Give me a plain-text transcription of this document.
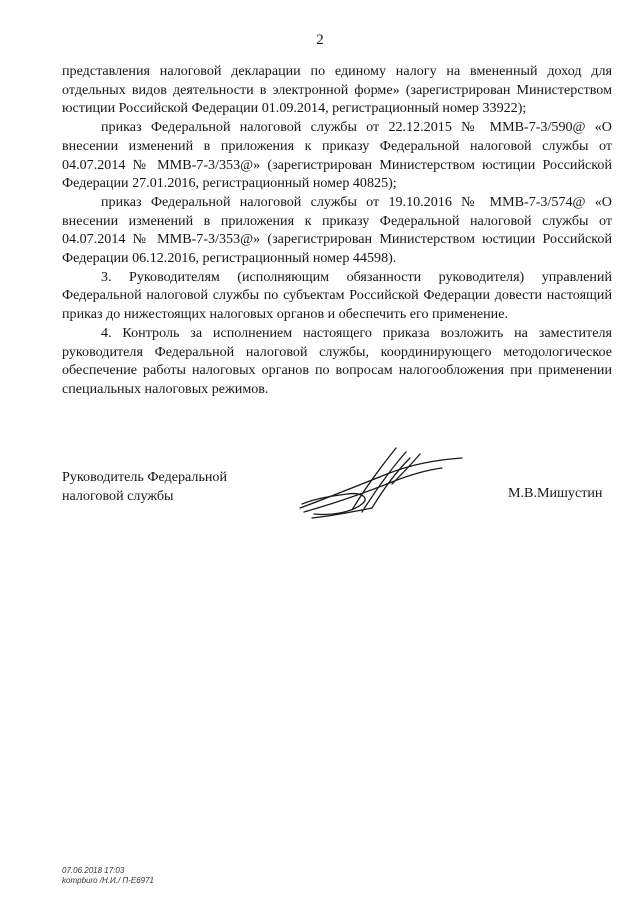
2

представления налоговой декларации по единому налогу на вмененный доход для отдельных видов деятельности в электронной форме» (зарегистрирован Министерством юстиции Российской Федерации 01.09.2014, регистрационный номер 33922);

приказ Федеральной налоговой службы от 22.12.2015 № ММВ-7-3/590@ «О внесении изменений в приложения к приказу Федеральной налоговой службы от 04.07.2014 № ММВ-7-3/353@» (зарегистрирован Министерством юстиции Российской Федерации 27.01.2016, регистрационный номер 40825);

приказ Федеральной налоговой службы от 19.10.2016 № ММВ-7-3/574@ «О внесении изменений в приложения к приказу Федеральной налоговой службы от 04.07.2014 № ММВ-7-3/353@» (зарегистрирован Министерством юстиции Российской Федерации 06.12.2016, регистрационный номер 44598).

3. Руководителям (исполняющим обязанности руководителя) управлений Федеральной налоговой службы по субъектам Российской Федерации довести настоящий приказ до нижестоящих налоговых органов и обеспечить его применение.

4. Контроль за исполнением настоящего приказа возложить на заместителя руководителя Федеральной налоговой службы, координирующего методологическое обеспечение работы налоговых органов по вопросам налогообложения при применении специальных налоговых режимов.

Руководитель Федеральной
налоговой службы	М.В.Мишустин
07.06.2018 17:03
kompburo /Н.И./ П-Е6971
